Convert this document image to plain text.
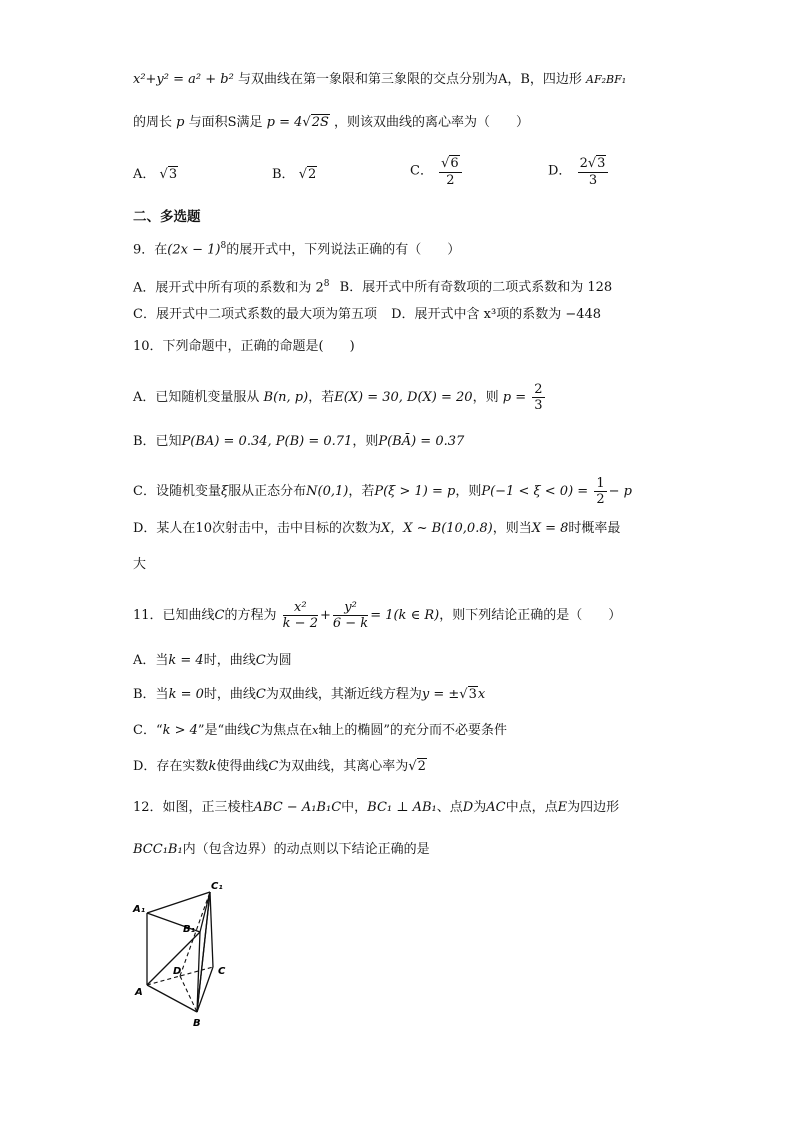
x²+y² = a² + b² 与双曲线在第一象限和第三象限的交点分别为A，B，四边形 AF₂BF₁
的周长 p 与面积S满足 p = 4√2S ，则该双曲线的离心率为（　　）
A． √3	B． √2	C． $\frac{√6}{2}$	D． $\frac{2√3}{3}$
二、多选题
9．在$(2x - 1)^8$的展开式中，下列说法正确的有（　　）
A．展开式中所有项的系数和为 $2^8$ B．展开式中所有奇数项的二项式系数和为 128
C．展开式中二项式系数的最大项为第五项 D．展开式中含 x³项的系数为 −448
10．下列命题中，正确的命题是(　　)
A．已知随机变量服从 B(n, p)，若E(X) = 30, D(X) = 20，则 $p = \frac{2}{3}$
B．已知P(BA) = 0.34, P(B) = 0.71，则P(BĀ) = 0.37
C．设随机变量ξ服从正态分布N(0,1)，若P(ξ > 1) = p，则$P(-1 < \xi < 0) = \frac{1}{2} - p$
D．某人在10次射击中，击中目标的次数为X，X ~ B(10,0.8)，则当X = 8时概率最
大
11．已知曲线C的方程为 $\frac{\text{x²}}{k - 2} + \frac{\text{y²}}{6 - k} = 1(k$ ∈ R)，则下列结论正确的是（　　）
A．当k = 4时，曲线C为圆
B．当k = 0时，曲线C为双曲线，其渐近线方程为y = ±√3x
C．“k > 4”是“曲线C为焦点在x轴上的椭圆”的充分而不必要条件
D．存在实数k使得曲线C为双曲线，其离心率为√2
12．如图，正三棱柱ABC − A₁B₁C中，BC₁ ⊥ AB₁、点D为AC中点，点E为四边形
BCC₁B₁内（包含边界）的动点则以下结论正确的是
C₁
A₁
B₁
D	C
A
B
